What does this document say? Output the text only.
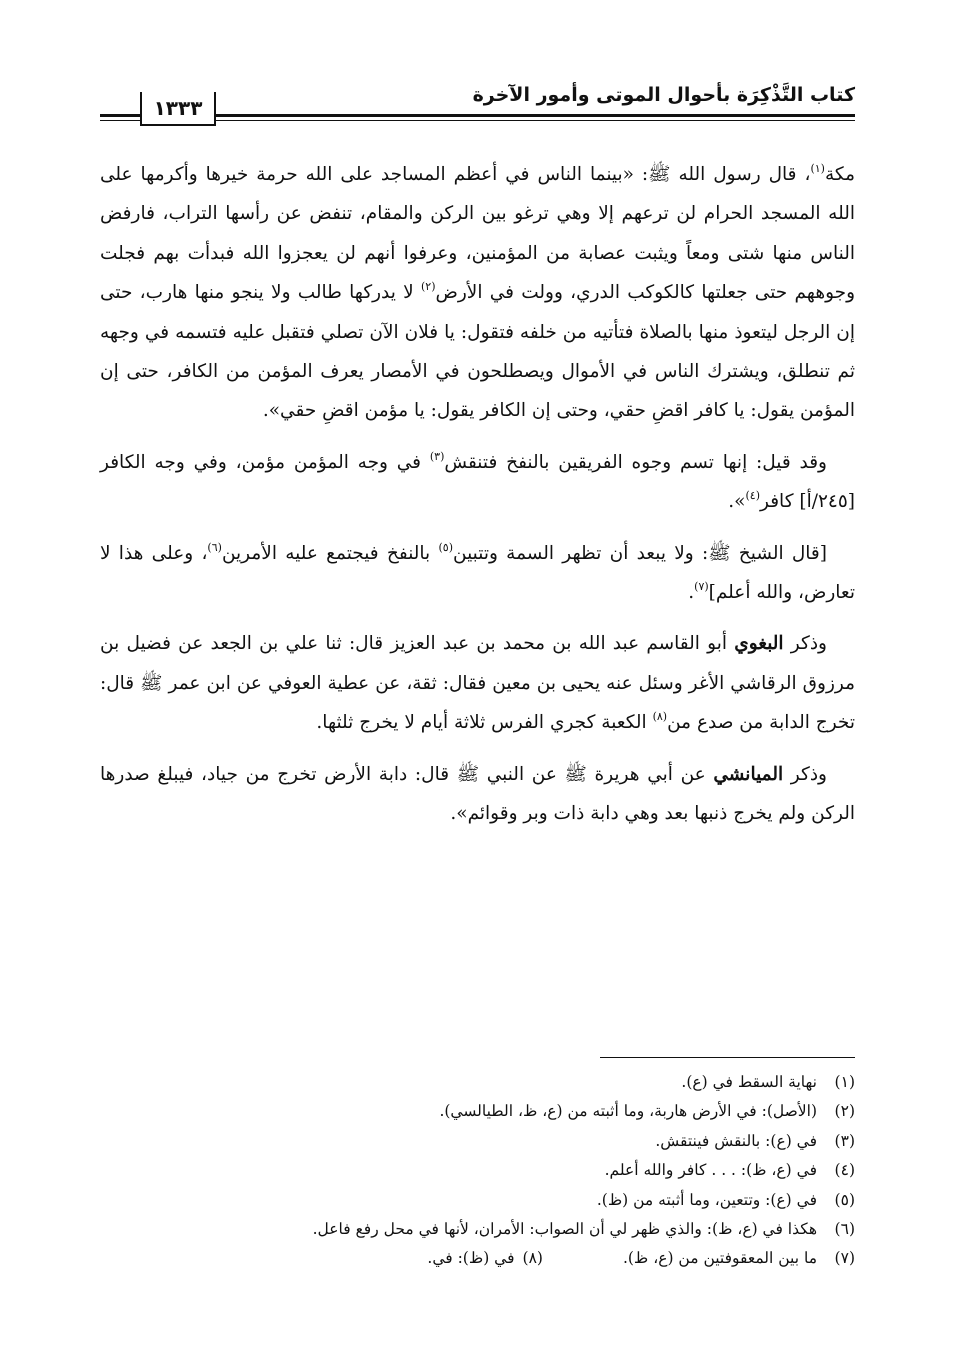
كتاب التَّذْكِرَة بأحوال الموتى وأمور الآخرة
١٣٣٣

مكة$^{(١)}$، قال رسول الله ﷺ: «بينما الناس في أعظم المساجد على الله حرمة خيرها وأكرمها على الله المسجد الحرام لن ترعهم إلا وهي ترغو بين الركن والمقام، تنفض عن رأسها التراب، فارفض الناس منها شتى ومعاً ويثبت عصابة من المؤمنين، وعرفوا أنهم لن يعجزوا الله فبدأت بهم فجلت وجوههم حتى جعلتها كالكوكب الدري، وولت في الأرض$^{(٢)}$ لا يدركها طالب ولا ينجو منها هارب، حتى إن الرجل ليتعوذ منها بالصلاة فتأتيه من خلفه فتقول: يا فلان الآن تصلي فتقبل عليه فتسمه في وجهه ثم تنطلق، ويشترك الناس في الأموال ويصطلحون في الأمصار يعرف المؤمن من الكافر، حتى إن المؤمن يقول: يا كافر اقضِ حقي، وحتى إن الكافر يقول: يا مؤمن اقضِ حقي».

وقد قيل: إنها تسم وجوه الفريقين بالنفخ فتنقش$^{(٣)}$ في وجه المؤمن مؤمن، وفي وجه الكافر [٢٤٥/أ] كافر$^{(٤)}$».

[قال الشيخ ﷺ: ولا يبعد أن تظهر السمة وتتبين$^{(٥)}$ بالنفخ فيجتمع عليه الأمرين$^{(٦)}$، وعلى هذا لا تعارض، والله أعلم]$^{(٧)}$.

وذكر البغوي أبو القاسم عبد الله بن محمد بن عبد العزيز قال: ثنا علي بن الجعد عن فضيل بن مرزوق الرقاشي الأغر وسئل عنه يحيى بن معين فقال: ثقة، عن عطية العوفي عن ابن عمر ﷺ قال: تخرج الدابة من صدع من$^{(٨)}$ الكعبة كجري الفرس ثلاثة أيام لا يخرج ثلثها.

وذكر الميانشي عن أبي هريرة ﷺ عن النبي ﷺ قال: دابة الأرض تخرج من جياد، فيبلغ صدرها الركن ولم يخرج ذنبها بعد وهي دابة ذات وبر وقوائم».

(١)
نهاية السقط في (ع).
(٢)
(الأصل): في الأرض هاربة، وما أثبته من (ع، ظ، الطيالسي).
(٣)
في (ع): بالنقش فينتقش.
(٤)
في (ع، ظ): . . . كافر والله أعلم.
(٥)
في (ع): وتتعين، وما أثبته من (ظ).
(٦)
هكذا في (ع، ظ): والذي ظهر لي أن الصواب: الأمران، لأنها في محل رفع فاعل.
(٧)
ما بين المعقوفتين من (ع، ظ).
(٨)
في (ظ): في.
